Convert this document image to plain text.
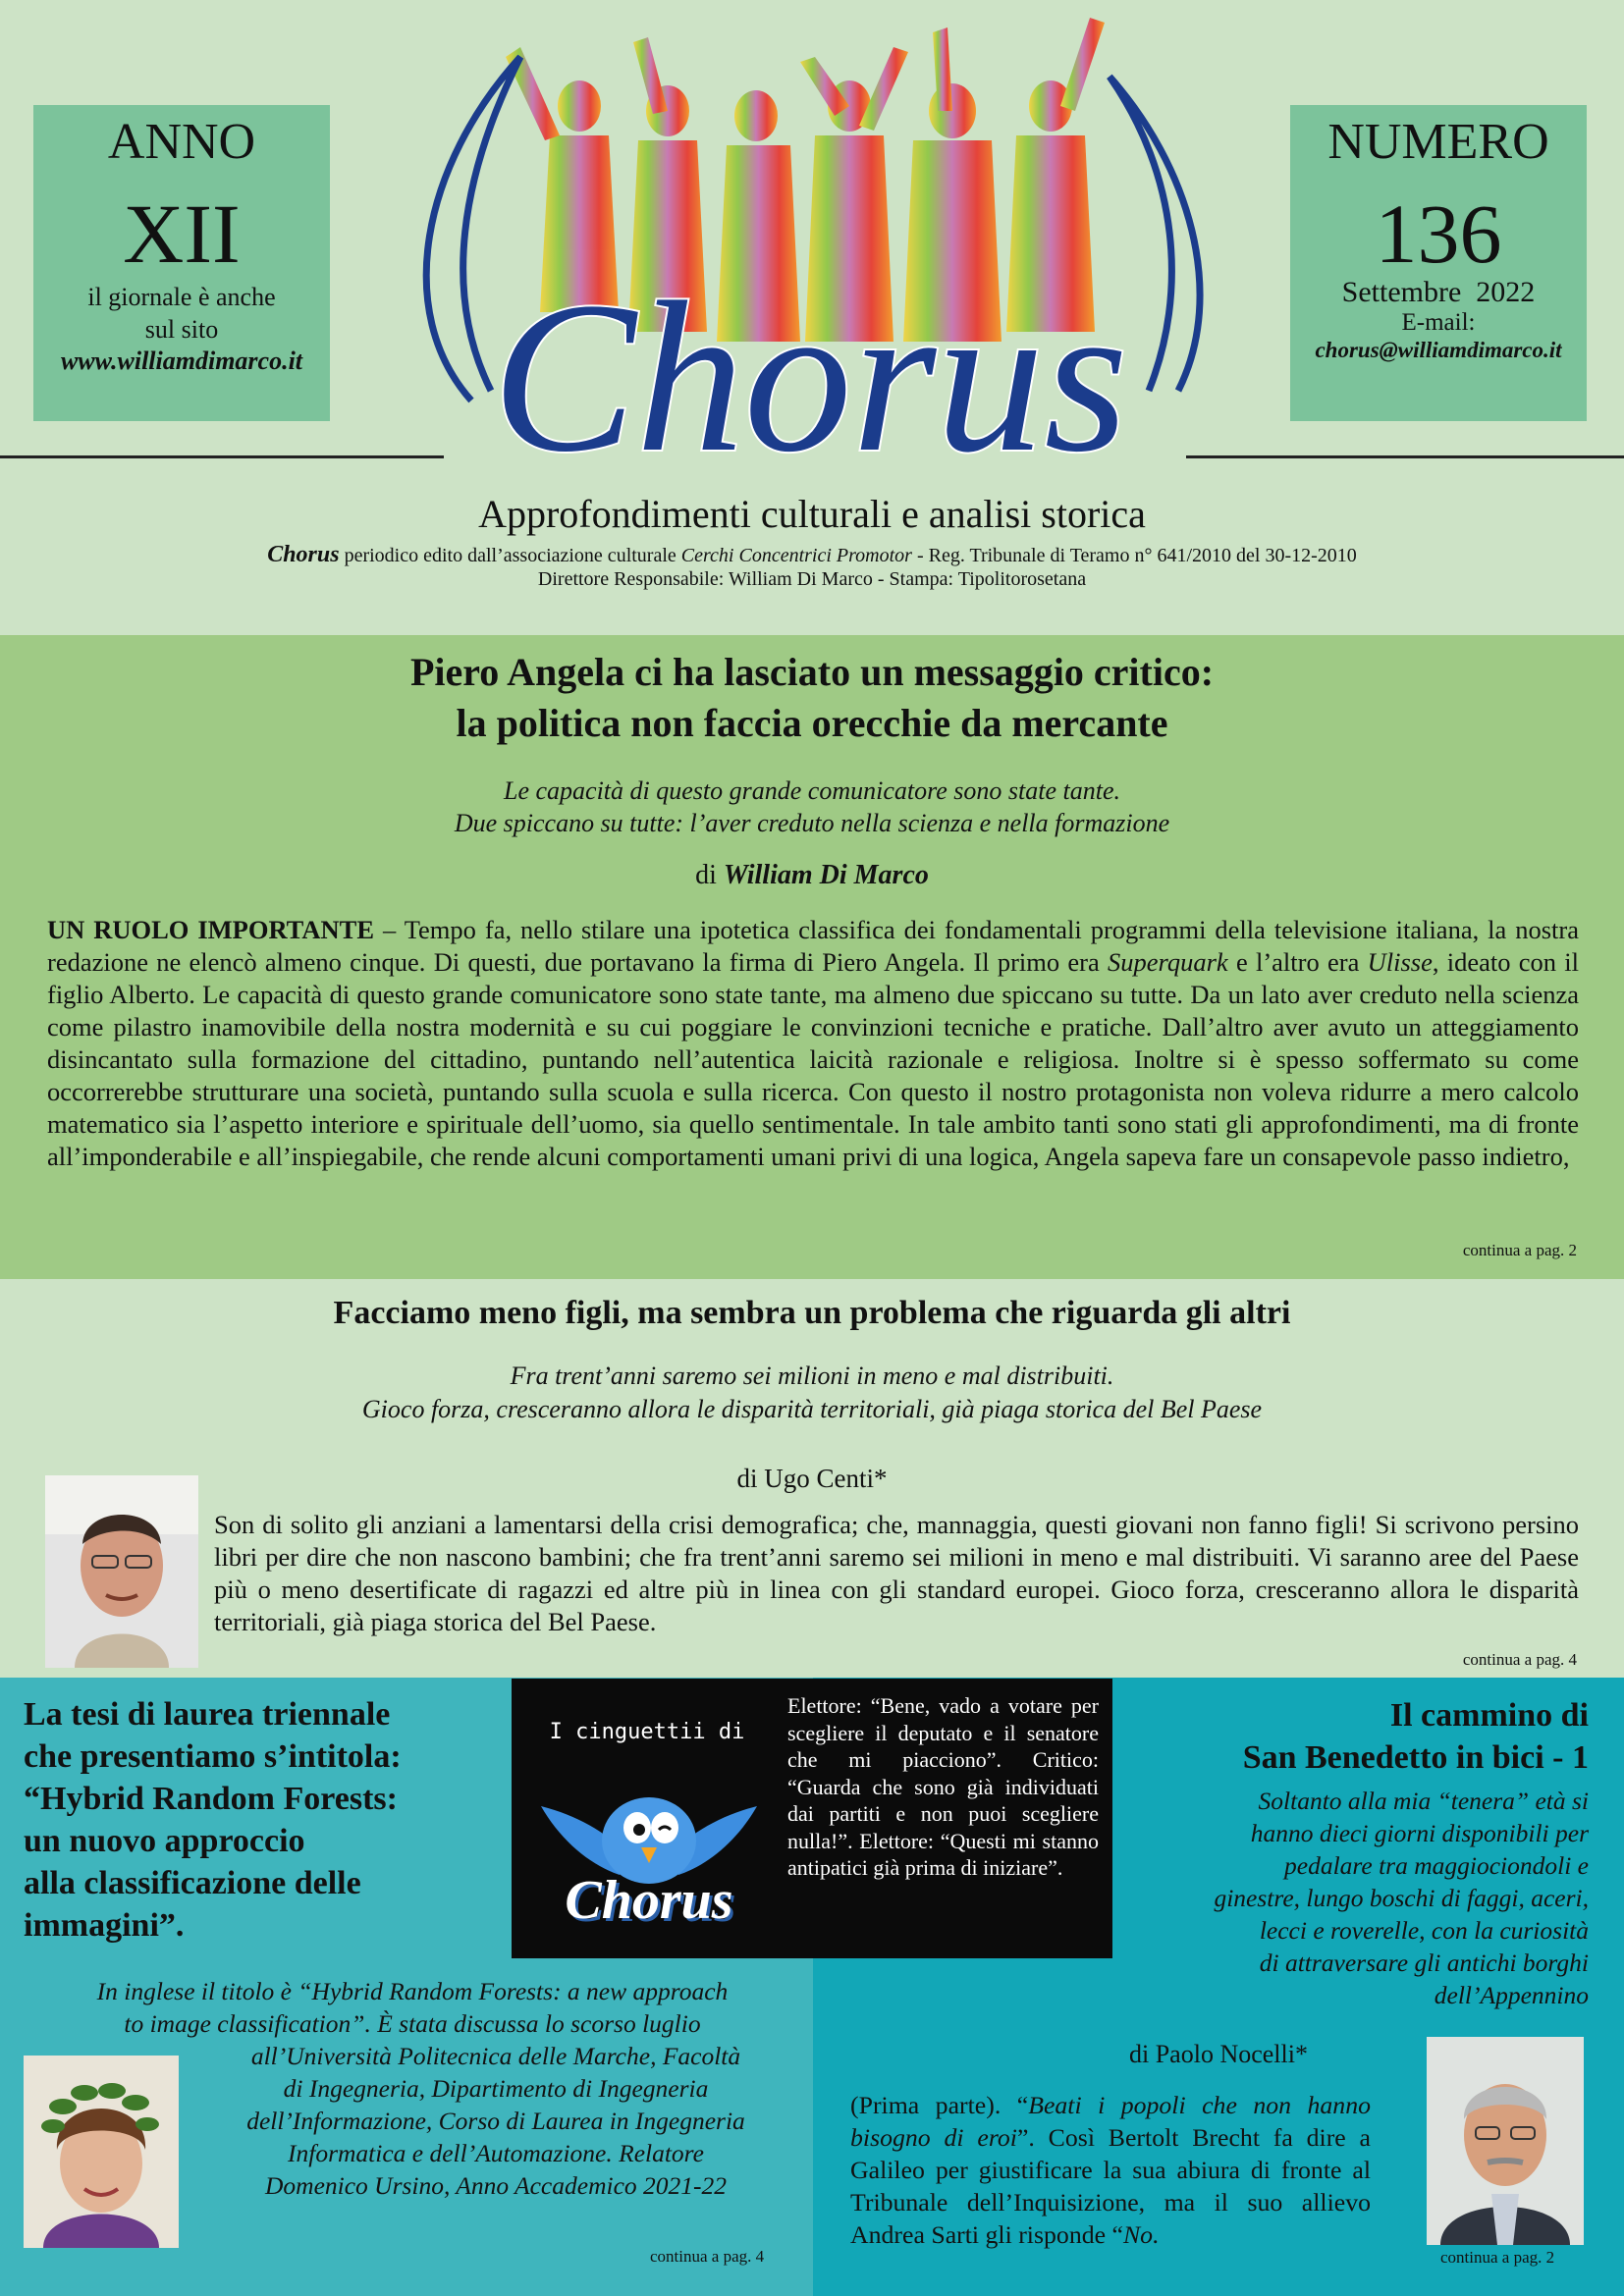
ANNO
XII
il giornale è anche
sul sito
www.williamdimarco.it
NUMERO
136
Settembre  2022
E-mail:
chorus@williamdimarco.it
Chorus
Approfondimenti culturali e analisi storica
Chorus periodico edito dall’associazione culturale Cerchi Concentrici Promotor - Reg. Tribunale di Teramo n° 641/2010 del 30-12-2010
Direttore Responsabile: William Di Marco - Stampa: Tipolitorosetana
Piero Angela ci ha lasciato un messaggio critico:
la politica non faccia orecchie da mercante
Le capacità di questo grande comunicatore sono state tante.
Due spiccano su tutte: l’aver creduto nella scienza e nella formazione
di William Di Marco
UN RUOLO IMPORTANTE – Tempo fa, nello stilare una ipotetica classifica dei fondamentali programmi della televisione italiana, la nostra redazione ne elencò almeno cinque. Di questi, due portavano la firma di Piero Angela. Il primo era Superquark e l’altro era Ulisse, ideato con il figlio Alberto. Le capacità di questo grande comunicatore sono state tante, ma almeno due spiccano su tutte. Da un lato aver creduto nella scienza come pilastro inamovibile della nostra modernità e su cui poggiare le convinzioni tecniche e pratiche. Dall’altro aver avuto un atteggiamento disincantato sulla formazione del cittadino, puntando nell’autentica laicità razionale e religiosa. Inoltre si è spesso soffermato su come occorrerebbe strutturare una società, puntando sulla scuola e sulla ricerca. Con questo il nostro protagonista non voleva ridurre a mero calcolo matematico sia l’aspetto interiore e spirituale dell’uomo, sia quello sentimentale. In tale ambito tanti sono stati gli approfondimenti, ma di fronte all’imponderabile e all’inspiegabile, che rende alcuni comportamenti umani privi di una logica, Angela sapeva fare un consapevole passo indietro,
continua a pag. 2
Facciamo meno figli, ma sembra un problema che riguarda gli altri
Fra trent’anni saremo sei milioni in meno e mal distribuiti.
Gioco forza, cresceranno allora le disparità territoriali, già piaga storica del Bel Paese
di Ugo Centi*
Son di solito gli anziani a lamentarsi della crisi demografica; che, mannaggia, questi giovani non fanno figli! Si scrivono persino libri per dire che non nascono bambini; che fra trent’anni saremo sei milioni in meno e mal distribuiti. Vi saranno aree del Paese più o meno desertificate di ragazzi ed altre più in linea con gli standard europei. Gioco forza, cresceranno allora le disparità territoriali, già piaga storica del Bel Paese.
continua a pag. 4
La tesi di laurea triennale
che presentiamo s’intitola:
“Hybrid Random Forests:
un nuovo approccio
alla classificazione delle
immagini”.
In inglese il titolo è “Hybrid Random Forests: a new approach
to image classification”. È stata discussa lo scorso luglio
all’Università Politecnica delle Marche, Facoltà
di Ingegneria, Dipartimento di Ingegneria
dell’Informazione, Corso di Laurea in Ingegneria
Informatica e dell’Automazione. Relatore
Domenico Ursino, Anno Accademico 2021-22
continua a pag. 4
I cinguettii di
Chorus
Elettore: “Bene, vado a votare per scegliere il deputato e il senatore che mi piacciono”. Critico: “Guarda che sono già individuati dai partiti e non puoi scegliere nulla!”. Elettore: “Questi mi stanno antipatici già prima di iniziare”.
Il cammino di
San Benedetto in bici - 1
Soltanto alla mia “tenera” età si
hanno dieci giorni disponibili per
pedalare tra maggiociondoli e
ginestre, lungo boschi di faggi, aceri,
lecci e roverelle, con la curiosità
di attraversare gli antichi borghi
dell’Appennino
di Paolo Nocelli*
(Prima parte). “Beati i popoli che non hanno bisogno di eroi”. Così Bertolt Brecht fa dire a Galileo per giustificare la sua abiura di fronte al Tribunale dell’Inquisizione, ma il suo allievo Andrea Sarti gli risponde “No.
continua a pag. 2
